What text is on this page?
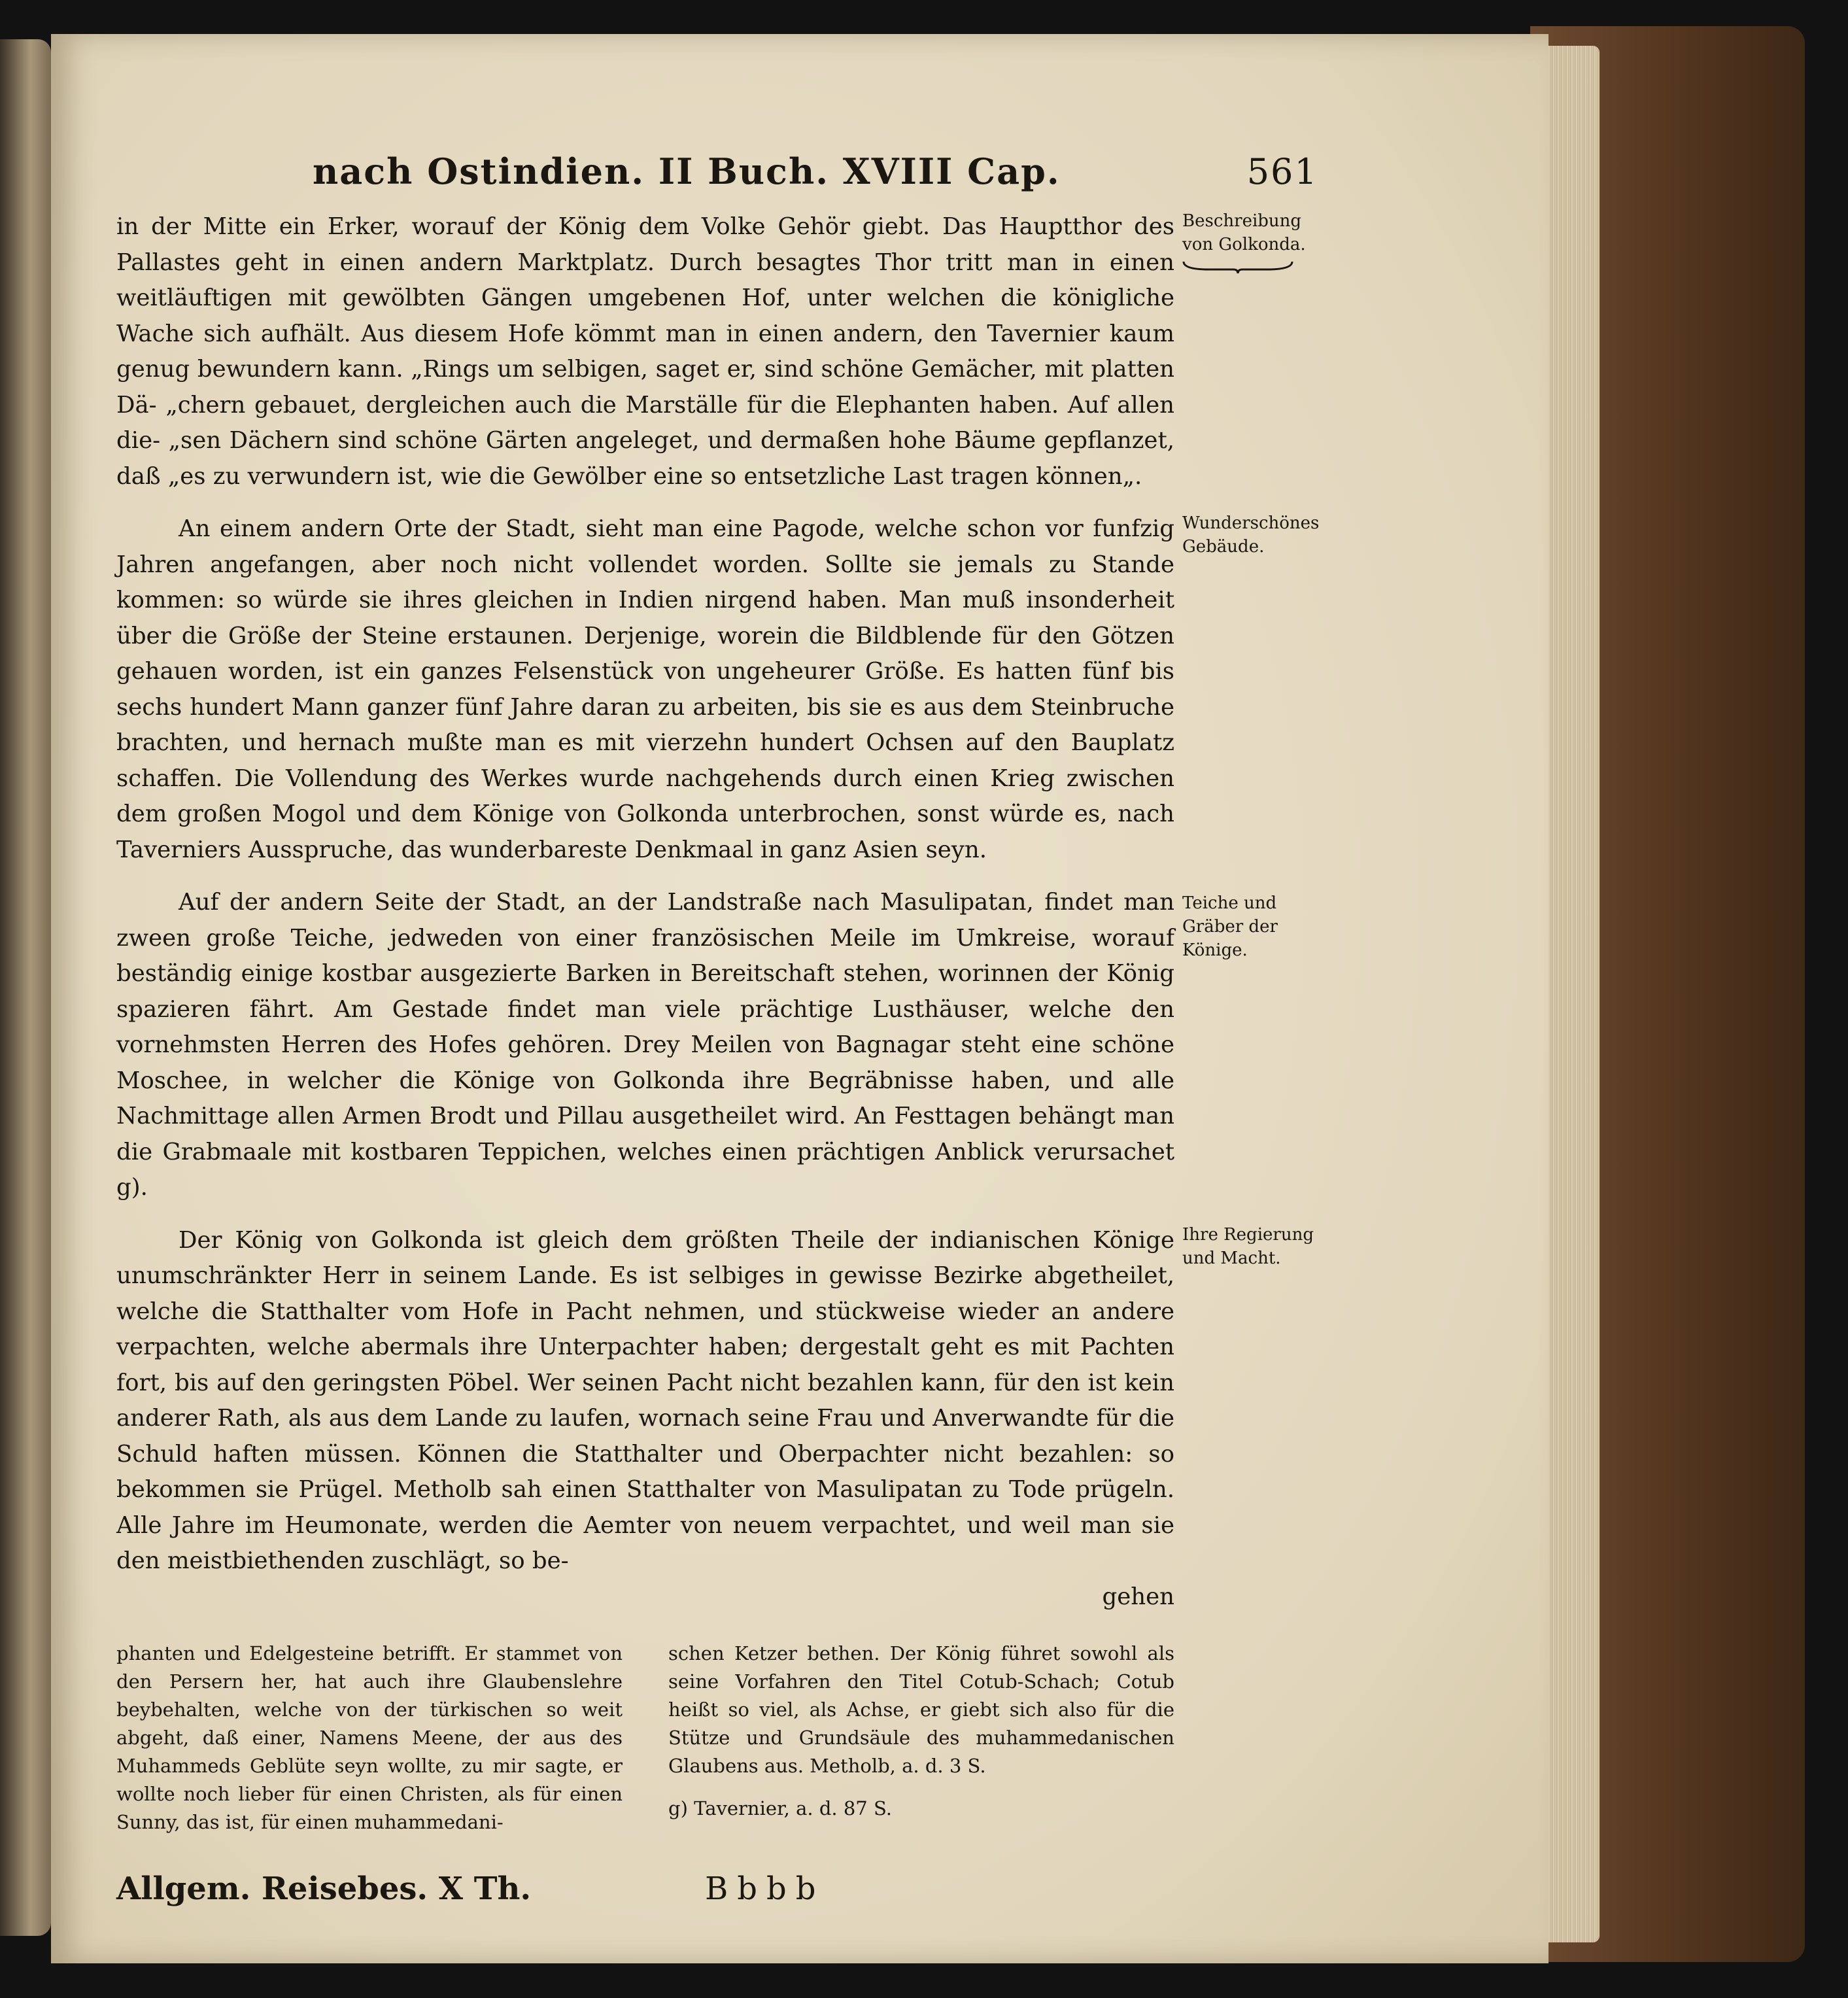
nach Ostindien. II Buch. XVIII Cap.	561

in der Mitte ein Erker, worauf der König dem Volke Gehör giebt. Das Hauptthor des Pallastes geht in einen andern Marktplatz. Durch besagtes Thor tritt man in einen weitläuftigen mit gewölbten Gängen umgebenen Hof, unter welchen die königliche Wache sich aufhält. Aus diesem Hofe kömmt man in einen andern, den Tavernier kaum genug bewundern kann. „Rings um selbigen, saget er, sind schöne Gemächer, mit platten Dä- „chern gebauet, dergleichen auch die Marställe für die Elephanten haben. Auf allen die- „sen Dächern sind schöne Gärten angeleget, und dermaßen hohe Bäume gepflanzet, daß „es zu verwundern ist, wie die Gewölber eine so entsetzliche Last tragen können„.

Beschreibung von Golkonda.

An einem andern Orte der Stadt, sieht man eine Pagode, welche schon vor funfzig Jahren angefangen, aber noch nicht vollendet worden. Sollte sie jemals zu Stande kommen: so würde sie ihres gleichen in Indien nirgend haben. Man muß insonderheit über die Größe der Steine erstaunen. Derjenige, worein die Bildblende für den Götzen gehauen worden, ist ein ganzes Felsenstück von ungeheurer Größe. Es hatten fünf bis sechs hundert Mann ganzer fünf Jahre daran zu arbeiten, bis sie es aus dem Steinbruche brachten, und hernach mußte man es mit vierzehn hundert Ochsen auf den Bauplatz schaffen. Die Vollendung des Werkes wurde nachgehends durch einen Krieg zwischen dem großen Mogol und dem Könige von Golkonda unterbrochen, sonst würde es, nach Taverniers Ausspruche, das wunderbareste Denkmaal in ganz Asien seyn.

Wunderschönes Gebäude.

Auf der andern Seite der Stadt, an der Landstraße nach Masulipatan, findet man zween große Teiche, jedweden von einer französischen Meile im Umkreise, worauf beständig einige kostbar ausgezierte Barken in Bereitschaft stehen, worinnen der König spazieren fährt. Am Gestade findet man viele prächtige Lusthäuser, welche den vornehmsten Herren des Hofes gehören. Drey Meilen von Bagnagar steht eine schöne Moschee, in welcher die Könige von Golkonda ihre Begräbnisse haben, und alle Nachmittage allen Armen Brodt und Pillau ausgetheilet wird. An Festtagen behängt man die Grabmaale mit kostbaren Teppichen, welches einen prächtigen Anblick verursachet g).

Teiche und Gräber der Könige.

Der König von Golkonda ist gleich dem größten Theile der indianischen Könige unumschränkter Herr in seinem Lande. Es ist selbiges in gewisse Bezirke abgetheilet, welche die Statthalter vom Hofe in Pacht nehmen, und stückweise wieder an andere verpachten, welche abermals ihre Unterpachter haben; dergestalt geht es mit Pachten fort, bis auf den geringsten Pöbel. Wer seinen Pacht nicht bezahlen kann, für den ist kein anderer Rath, als aus dem Lande zu laufen, wornach seine Frau und Anverwandte für die Schuld haften müssen. Können die Statthalter und Oberpachter nicht bezahlen: so bekommen sie Prügel. Metholb sah einen Statthalter von Masulipatan zu Tode prügeln. Alle Jahre im Heumonate, werden die Aemter von neuem verpachtet, und weil man sie den meistbiethenden zuschlägt, so be-

Ihre Regierung und Macht.

gehen

phanten und Edelgesteine betrifft. Er stammet von den Persern her, hat auch ihre Glaubenslehre beybehalten, welche von der türkischen so weit abgeht, daß einer, Namens Meene, der aus des Muhammeds Geblüte seyn wollte, zu mir sagte, er wollte noch lieber für einen Christen, als für einen Sunny, das ist, für einen muhammedani-

schen Ketzer bethen. Der König führet sowohl als seine Vorfahren den Titel Cotub-Schach; Cotub heißt so viel, als Achse, er giebt sich also für die Stütze und Grundsäule des muhammedanischen Glaubens aus. Metholb, a. d. 3 S.

g) Tavernier, a. d. 87 S.

Allgem. Reisebes. X Th.	Bbbb
